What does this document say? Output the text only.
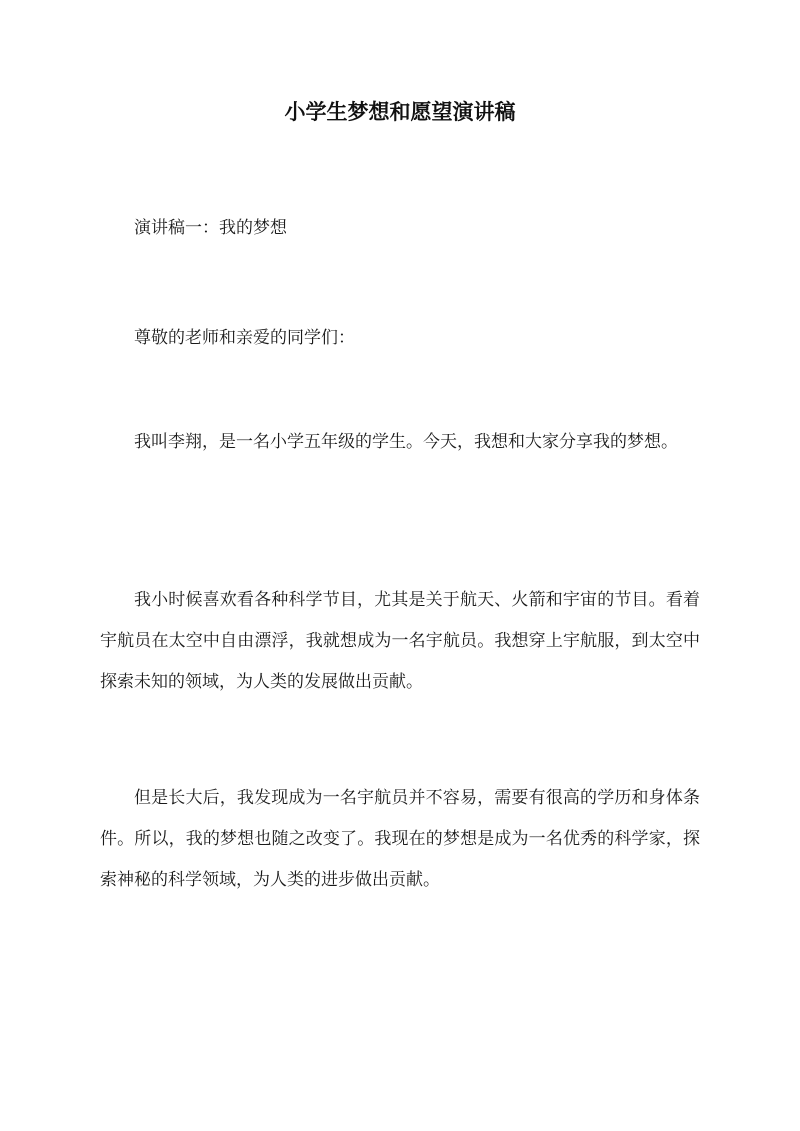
小学生梦想和愿望演讲稿

演讲稿一：我的梦想

尊敬的老师和亲爱的同学们：

我叫李翔，是一名小学五年级的学生。今天，我想和大家分享我的梦想。

我小时候喜欢看各种科学节目，尤其是关于航天、火箭和宇宙的节目。看着宇航员在太空中自由漂浮，我就想成为一名宇航员。我想穿上宇航服，到太空中探索未知的领域，为人类的发展做出贡献。

但是长大后，我发现成为一名宇航员并不容易，需要有很高的学历和身体条件。所以，我的梦想也随之改变了。我现在的梦想是成为一名优秀的科学家，探索神秘的科学领域，为人类的进步做出贡献。
